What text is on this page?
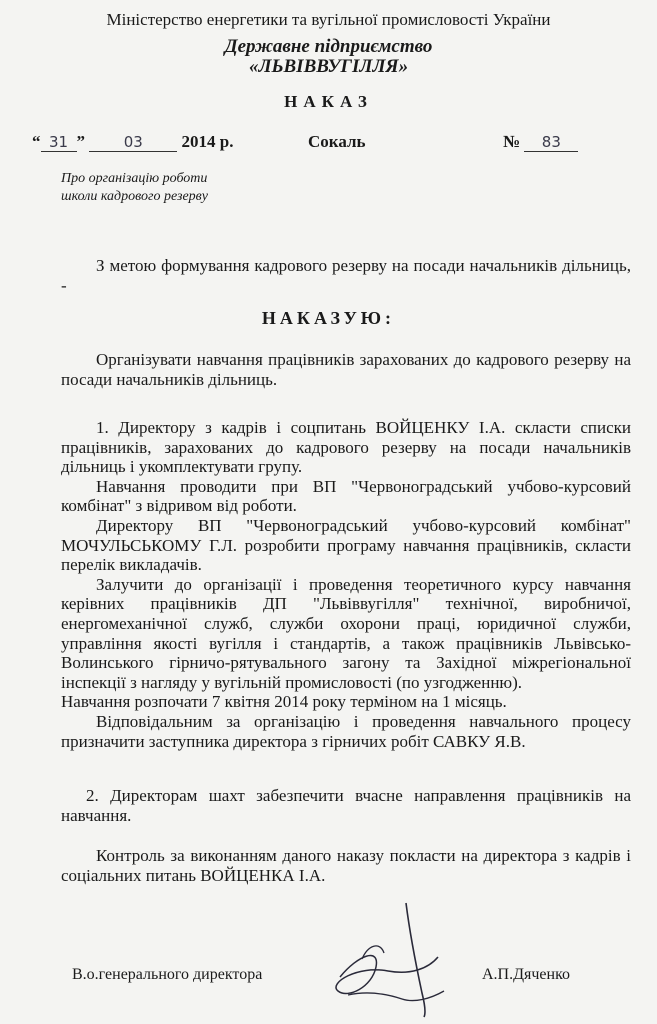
Міністерство енергетики та вугільної промисловості України
Державне підприємство
«ЛЬВІВВУГІЛЛЯ»
НАКАЗ
“ 31 ”	03 2014 р.	Сокаль	№ 83
Про організацію роботи
школи кадрового резерву

З метою формування кадрового резерву на посади начальників дільниць, -

НАКАЗУЮ:

Організувати навчання працівників зарахованих до кадрового резерву на посади начальників дільниць.

1. Директору з кадрів і соцпитань ВОЙЦЕНКУ І.А. скласти списки працівників, зарахованих до кадрового резерву на посади начальників дільниць і укомплектувати групу.

Навчання проводити при ВП "Червоноградський учбово-курсовий комбінат" з відривом від роботи.

Директору ВП "Червоноградський учбово-курсовий комбінат" МОЧУЛЬСЬКОМУ Г.Л. розробити програму навчання працівників, скласти перелік викладачів.

Залучити до організації і проведення теоретичного курсу навчання керівних працівників ДП "Львіввугілля" технічної, виробничої, енергомеханічної служб, служби охорони праці, юридичної служби, управління якості вугілля і стандартів, а також працівників Львівсько-Волинського гірничо-рятувального загону та Західної міжрегіональної інспекції з нагляду у вугільній промисловості (по узгодженню).

Навчання розпочати 7 квітня 2014 року терміном на 1 місяць.

Відповідальним за організацію і проведення навчального процесу призначити заступника директора з гірничих робіт САВКУ Я.В.

2. Директорам шахт забезпечити вчасне направлення працівників на навчання.

Контроль за виконанням даного наказу покласти на директора з кадрів і соціальних питань ВОЙЦЕНКА І.А.

В.о.генерального директора	А.П.Дяченко
